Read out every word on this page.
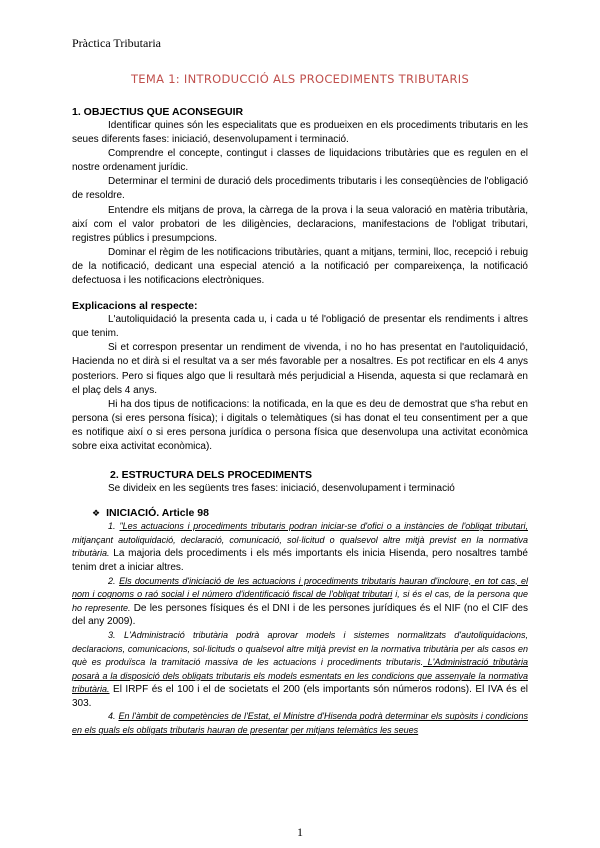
Pràctica Tributaria
TEMA 1: INTRODUCCIÓ ALS PROCEDIMENTS TRIBUTARIS
1. OBJECTIUS QUE ACONSEGUIR

Identificar quines són les especialitats que es produeixen en els procediments tributaris en les seues diferents fases: iniciació, desenvolupament i terminació.

Comprendre el concepte, contingut i classes de liquidacions tributàries que es regulen en el nostre ordenament jurídic.

Determinar el termini de duració dels procediments tributaris i les conseqüències de l'obligació de resoldre.

Entendre els mitjans de prova, la càrrega de la prova i la seua valoració en matèria tributària, així com el valor probatori de les diligències, declaracions, manifestacions de l'obligat tributari, registres públics i presumpcions.

Dominar el règim de les notificacions tributàries, quant a mitjans, termini, lloc, recepció i rebuig de la notificació, dedicant una especial atenció a la notificació per compareixença, la notificació defectuosa i les notificacions electròniques.

Explicacions al respecte:

L'autoliquidació la presenta cada u, i cada u té l'obligació de presentar els rendiments i altres que tenim.

Si et correspon presentar un rendiment de vivenda, i no ho has presentat en l'autoliquidació, Hacienda no et dirà si el resultat va a ser més favorable per a nosaltres. Es pot rectificar en els 4 anys posteriors. Pero si fiques algo que li resultarà més perjudicial a Hisenda, aquesta si que reclamarà en el plaç dels 4 anys.

Hi ha dos tipus de notificacions: la notificada, en la que es deu de demostrat que s'ha rebut en persona (si eres persona física); i digitals o telemàtiques (si has donat el teu consentiment per a que es notifique així o si eres persona jurídica o persona física que desenvolupa una activitat econòmica sobre eixa activitat econòmica).

2. ESTRUCTURA DELS PROCEDIMENTS

Se divideix en les següents tres fases: iniciació, desenvolupament i terminació

❖ INICIACIÓ. Article 98

1. "Les actuacions i procediments tributaris podran iniciar-se d'ofici o a instàncies de l'obligat tributari, mitjançant autoliquidació, declaració, comunicació, sol·licitud o qualsevol altre mitjà previst en la normativa tributària. La majoria dels procediments i els més importants els inicia Hisenda, pero nosaltres també tenim dret a iniciar altres.

2. Els documents d'iniciació de les actuacions i procediments tributaris hauran d'incloure, en tot cas, el nom i cognoms o raó social i el número d'identificació fiscal de l'obligat tributari i, si és el cas, de la persona que ho represente. De les persones físiques és el DNI i de les persones jurídiques és el NIF (no el CIF des del any 2009).

3. L'Administració tributària podrà aprovar models i sistemes normalitzats d'autoliquidacions, declaracions, comunicacions, sol·licituds o qualsevol altre mitjà previst en la normativa tributària per als casos en què es produïsca la tramitació massiva de les actuacions i procediments tributaris. L'Administració tributària posarà a la disposició dels obligats tributaris els models esmentats en les condicions que assenyale la normativa tributària. El IRPF és el 100 i el de societats el 200 (els importants són números rodons). El IVA és el 303.

4. En l'àmbit de competències de l'Estat, el Ministre d'Hisenda podrà determinar els supòsits i condicions en els quals els obligats tributaris hauran de presentar per mitjans telemàtics les seues

1
